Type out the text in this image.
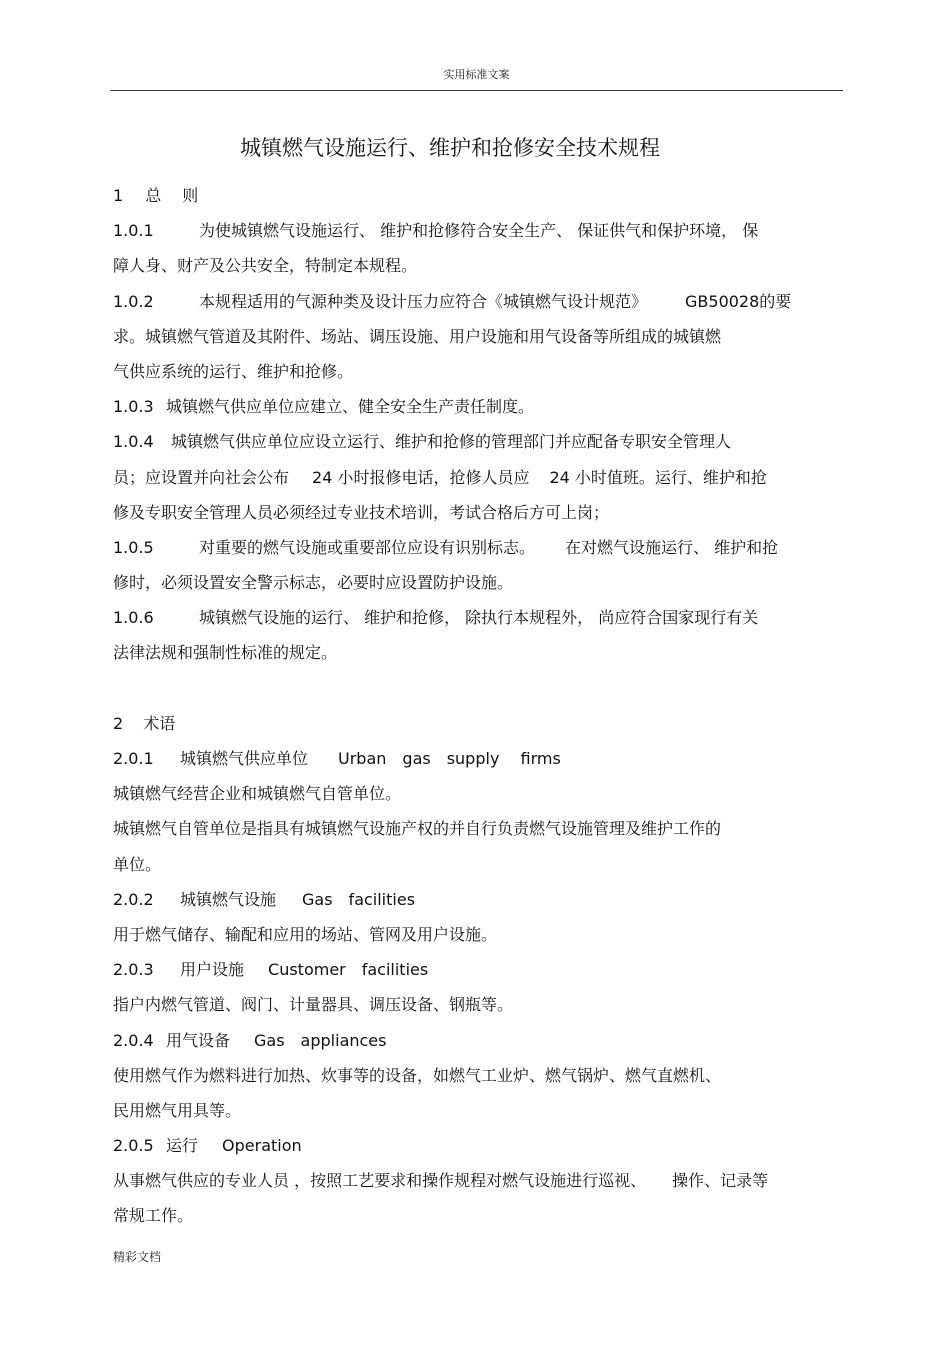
实用标准文案
城镇燃气设施运行、维护和抢修安全技术规程
1 总　 则
1.0.1	为使城镇燃气设施运行、 维护和抢修符合安全生产、 保证供气和保护环境， 保
障人身、财产及公共安全，特制定本规程。
1.0.2	本规程适用的气源种类及设计压力应符合《城镇燃气设计规范》 GB50028的要
求。城镇燃气管道及其附件、场站、调压设施、用户设施和用气设备等所组成的城镇燃
气供应系统的运行、维护和抢修。
1.0.3 城镇燃气供应单位应建立、健全安全生产责任制度。
1.0.4 城镇燃气供应单位应设立运行、维护和抢修的管理部门并应配备专职安全管理人
员；应设置并向社会公布 24 小时报修电话，抢修人员应 24 小时值班。运行、维护和抢
修及专职安全管理人员必须经过专业技术培训，考试合格后方可上岗；
1.0.5	对重要的燃气设施或重要部位应设有识别标志。 在对燃气设施运行、 维护和抢
修时，必须设置安全警示标志，必要时应设置防护设施。
1.0.6	城镇燃气设施的运行、 维护和抢修， 除执行本规程外， 尚应符合国家现行有关
法律法规和强制性标准的规定。
2 术语
2.0.1 城镇燃气供应单位 Urban　gas　supply　 firms
城镇燃气经营企业和城镇燃气自管单位。
城镇燃气自管单位是指具有城镇燃气设施产权的并自行负责燃气设施管理及维护工作的
单位。
2.0.2 城镇燃气设施 Gas　facilities
用于燃气储存、输配和应用的场站、管网及用户设施。
2.0.3 用户设施 Customer　facilities
指户内燃气管道、阀门、计量器具、调压设备、钢瓶等。
2.0.4 用气设备 Gas　appliances
使用燃气作为燃料进行加热、炊事等的设备，如燃气工业炉、燃气锅炉、燃气直燃机、
民用燃气用具等。
2.0.5 运行 Operation
从事燃气供应的专业人员 ，按照工艺要求和操作规程对燃气设施进行巡视、 操作、记录等
常规工作。
精彩文档
